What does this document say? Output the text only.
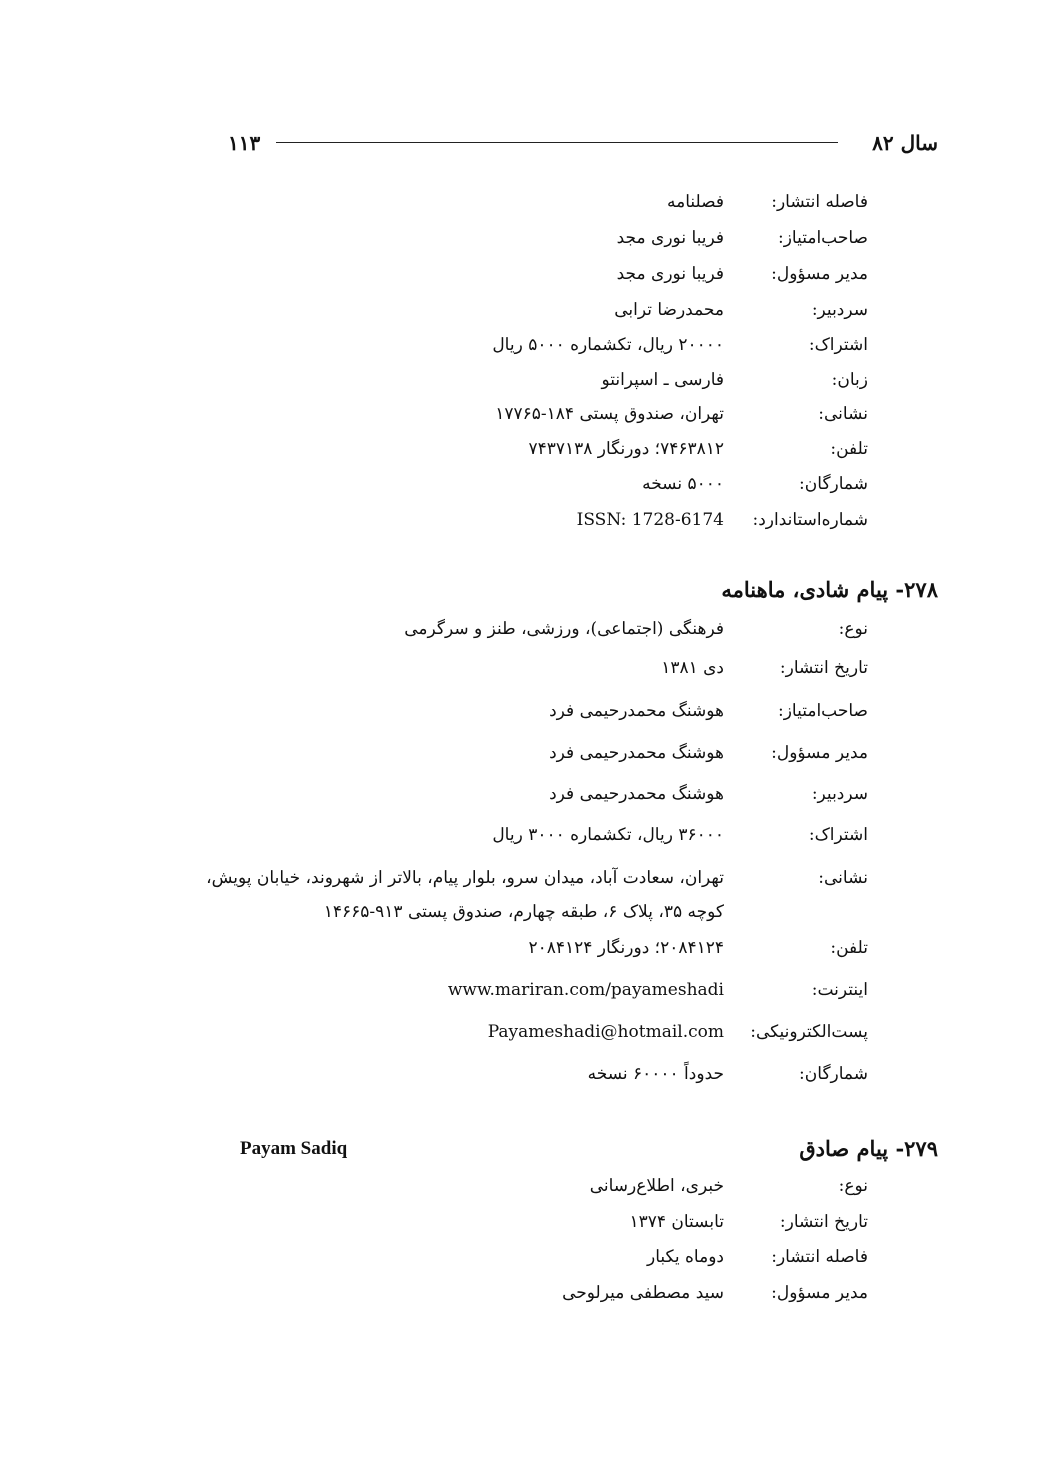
سال ۸۲
۱۱۳
فاصله انتشار:
فصلنامه
صاحب‌امتیاز:
فریبا نوری مجد
مدیر مسؤول:
فریبا نوری مجد
سردبیر:
محمدرضا ترابی
اشتراک:
۲۰۰۰۰ ریال، تکشماره ۵۰۰۰ ریال
زبان:
فارسی ـ اسپرانتو
نشانی:
تهران، صندوق پستی ۱۸۴-۱۷۷۶۵
تلفن:
۷۴۶۳۸۱۲؛ دورنگار ۷۴۳۷۱۳۸
شمارگان:
۵۰۰۰ نسخه
شماره‌استاندارد:
ISSN: 1728-6174
۲۷۸- پیام شادی، ماهنامه
نوع:
فرهنگی (اجتماعی)، ورزشی، طنز و سرگرمی
تاریخ انتشار:
دی ۱۳۸۱
صاحب‌امتیاز:
هوشنگ محمدرحیمی فرد
مدیر مسؤول:
هوشنگ محمدرحیمی فرد
سردبیر:
هوشنگ محمدرحیمی فرد
اشتراک:
۳۶۰۰۰ ریال، تکشماره ۳۰۰۰ ریال
نشانی:
تهران، سعادت آباد، میدان سرو، بلوار پیام، بالاتر از شهروند، خیابان پویش،
کوچه ۳۵، پلاک ۶، طبقه چهارم، صندوق پستی ۹۱۳-۱۴۶۶۵
تلفن:
۲۰۸۴۱۲۴؛ دورنگار ۲۰۸۴۱۲۴
اینترنت:
www.mariran.com/payameshadi
پست‌الکترونیکی:
Payameshadi@hotmail.com
شمارگان:
حدوداً ۶۰۰۰۰ نسخه
۲۷۹- پیام صادق
Payam Sadiq
نوع:
خبری، اطلاع‌رسانی
تاریخ انتشار:
تابستان ۱۳۷۴
فاصله انتشار:
دوماه یکبار
مدیر مسؤول:
سید مصطفی میرلوحی
